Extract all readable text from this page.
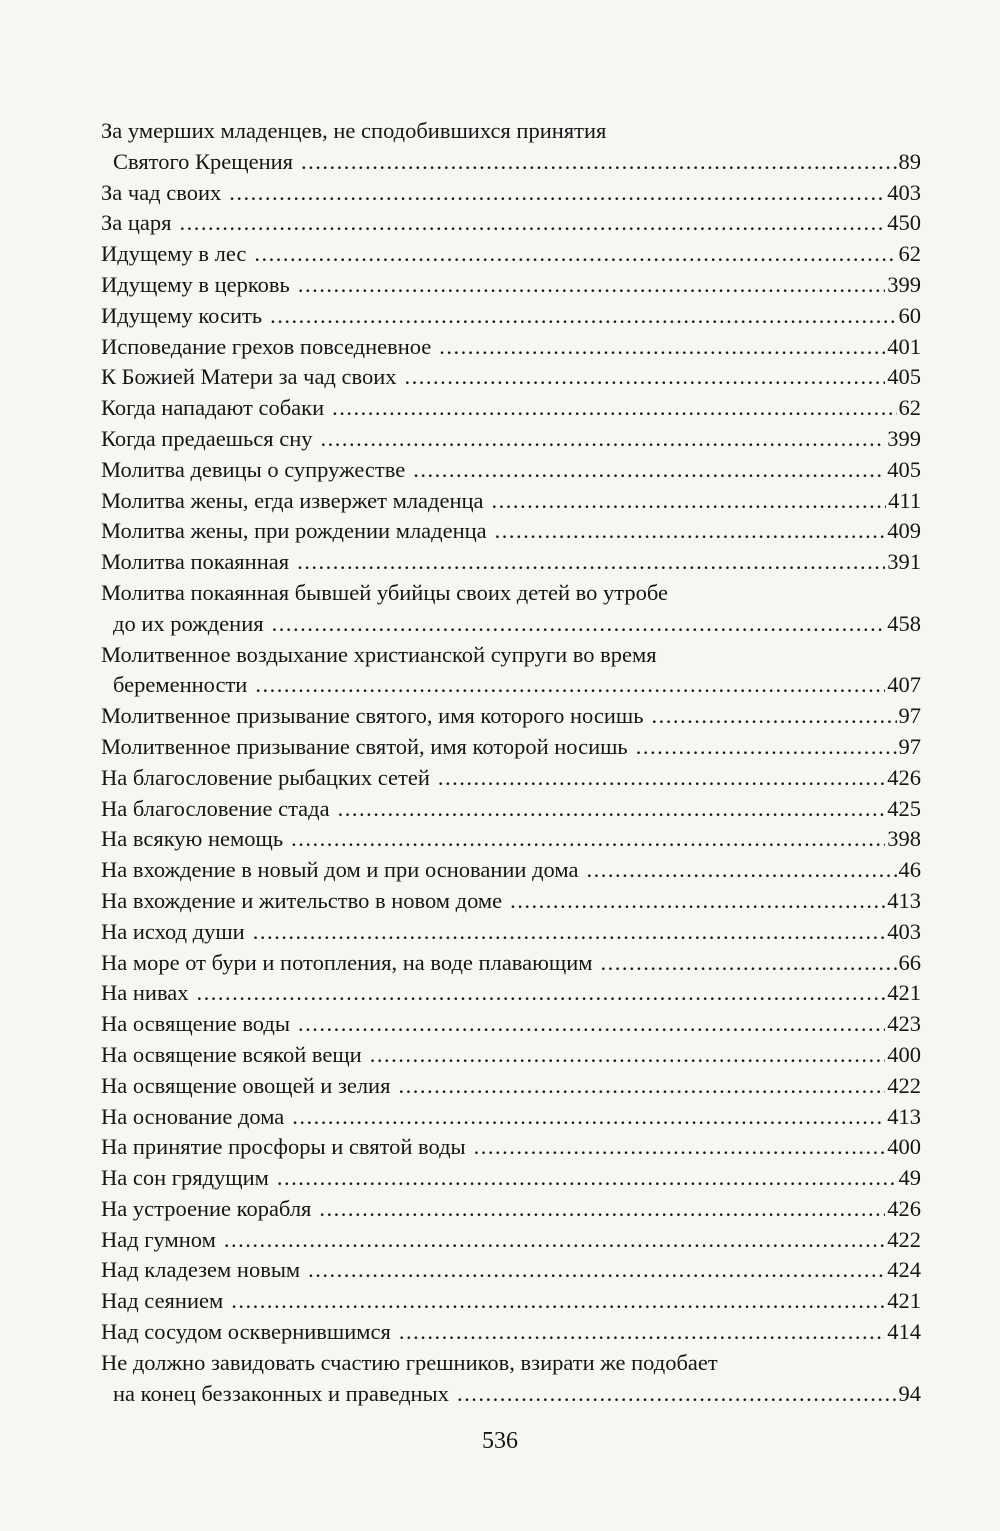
За умерших младенцев, не сподобившихся принятия
Святого Крещения .....	89
За чад своих .....	403
За царя .....	450
Идущему в лес .....	62
Идущему в церковь .....	399
Идущему косить .....	60
Исповедание грехов повседневное .....	401
К Божией Матери за чад своих .....	405
Когда нападают собаки .....	62
Когда предаешься сну .....	399
Молитва девицы о супружестве .....	405
Молитва жены, егда извержет младенца .....	411
Молитва жены, при рождении младенца .....	409
Молитва покаянная .....	391
Молитва покаянная бывшей убийцы своих детей во утробе
до их рождения .....	458
Молитвенное воздыхание христианской супруги во время
беременности .....	407
Молитвенное призывание святого, имя которого носишь .....	97
Молитвенное призывание святой, имя которой носишь .....	97
На благословение рыбацких сетей .....	426
На благословение стада .....	425
На всякую немощь .....	398
На вхождение в новый дом и при основании дома .....	46
На вхождение и жительство в новом доме .....	413
На исход души .....	403
На море от бури и потопления, на воде плавающим .....	66
На нивах .....	421
На освящение воды .....	423
На освящение всякой вещи .....	400
На освящение овощей и зелия .....	422
На основание дома .....	413
На принятие просфоры и святой воды .....	400
На сон грядущим .....	49
На устроение корабля .....	426
Над гумном .....	422
Над кладезем новым .....	424
Над сеянием .....	421
Над сосудом осквернившимся .....	414
Не должно завидовать счастию грешников, взирати же подобает
на конец беззаконных и праведных .....	94
536
